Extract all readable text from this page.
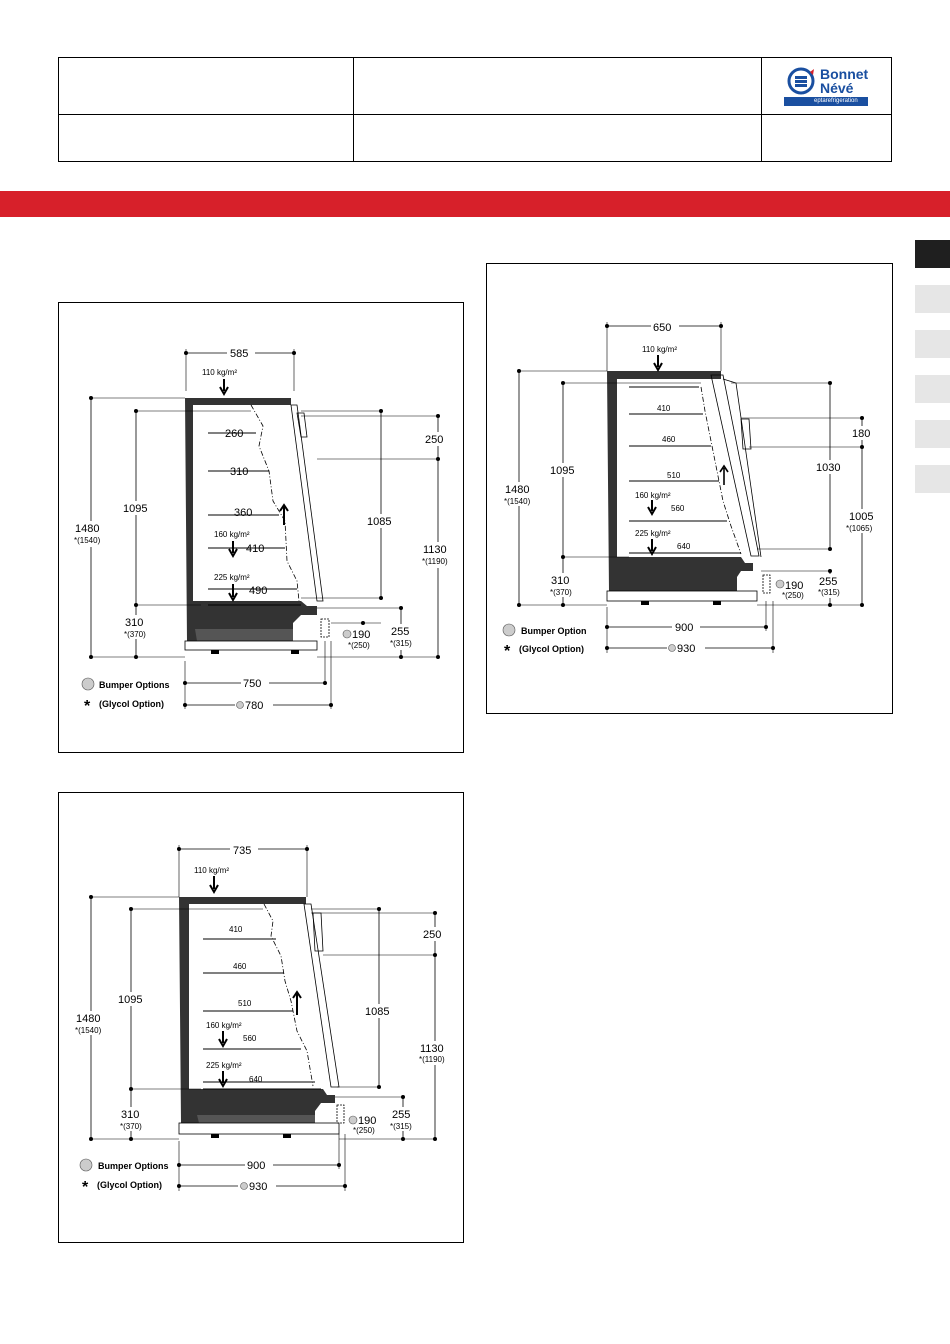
Bonnet
Névé
eptarefrigeration
260
310
360
410
490
160 kg/m²
225 kg/m²
585
110 kg/m²
1480
*(1540)
1095
310
*(370)
1085
250
1130
*(1190)
255
*(315)
190
*(250)
750
780
Bumper Options
* (Glycol Option)
410
460
510
560
640
160 kg/m²
225 kg/m²
650
110 kg/m²
1480
*(1540)
1095
310
*(370)
1030
180
1005
*(1065)
255
*(315)
190
*(250)
900
930
Bumper Option
* (Glycol Option)
410
460
510
560
640
160 kg/m²
225 kg/m²
735
110 kg/m²
1480
*(1540)
1095
310
*(370)
1085
250
1130
*(1190)
255
*(315)
190
*(250)
900
930
Bumper Options
* (Glycol Option)
